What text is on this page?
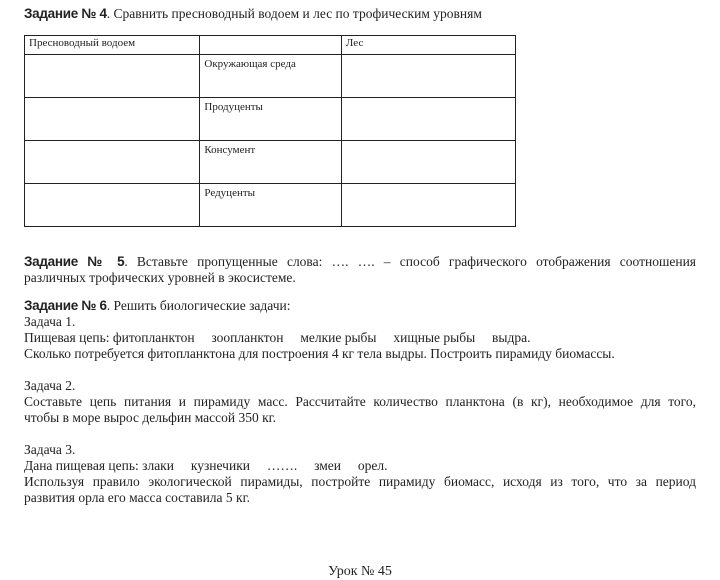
Задание № 4. Сравнить пресноводный водоем и лес по трофическим уровням

Пресноводный водоем		Лес
	Окружающая среда	
	Продуценты	
	Консумент	
	Редуценты	

Задание № 5. Вставьте пропущенные слова: …. …. – способ графического отображения соотношения
различных трофических уровней в экосистеме.

Задание № 6. Решить биологические задачи:

Задача 1.
Пищевая цепь: фитопланктон     зоопланктон     мелкие рыбы     хищные рыбы     выдра.
Сколько потребуется фитопланктона для построения 4 кг тела выдры. Построить пирамиду биомассы.

Задача 2.
Составьте цепь питания и пирамиду масс. Рассчитайте количество планктона (в кг), необходимое для того,
чтобы в море вырос дельфин массой 350 кг.

Задача 3.
Дана пищевая цепь: злаки     кузнечики     …….     змеи     орел.
Используя правило экологической пирамиды, постройте пирамиду биомасс, исходя из того, что за период
развития орла его масса составила 5 кг.

Урок № 45
